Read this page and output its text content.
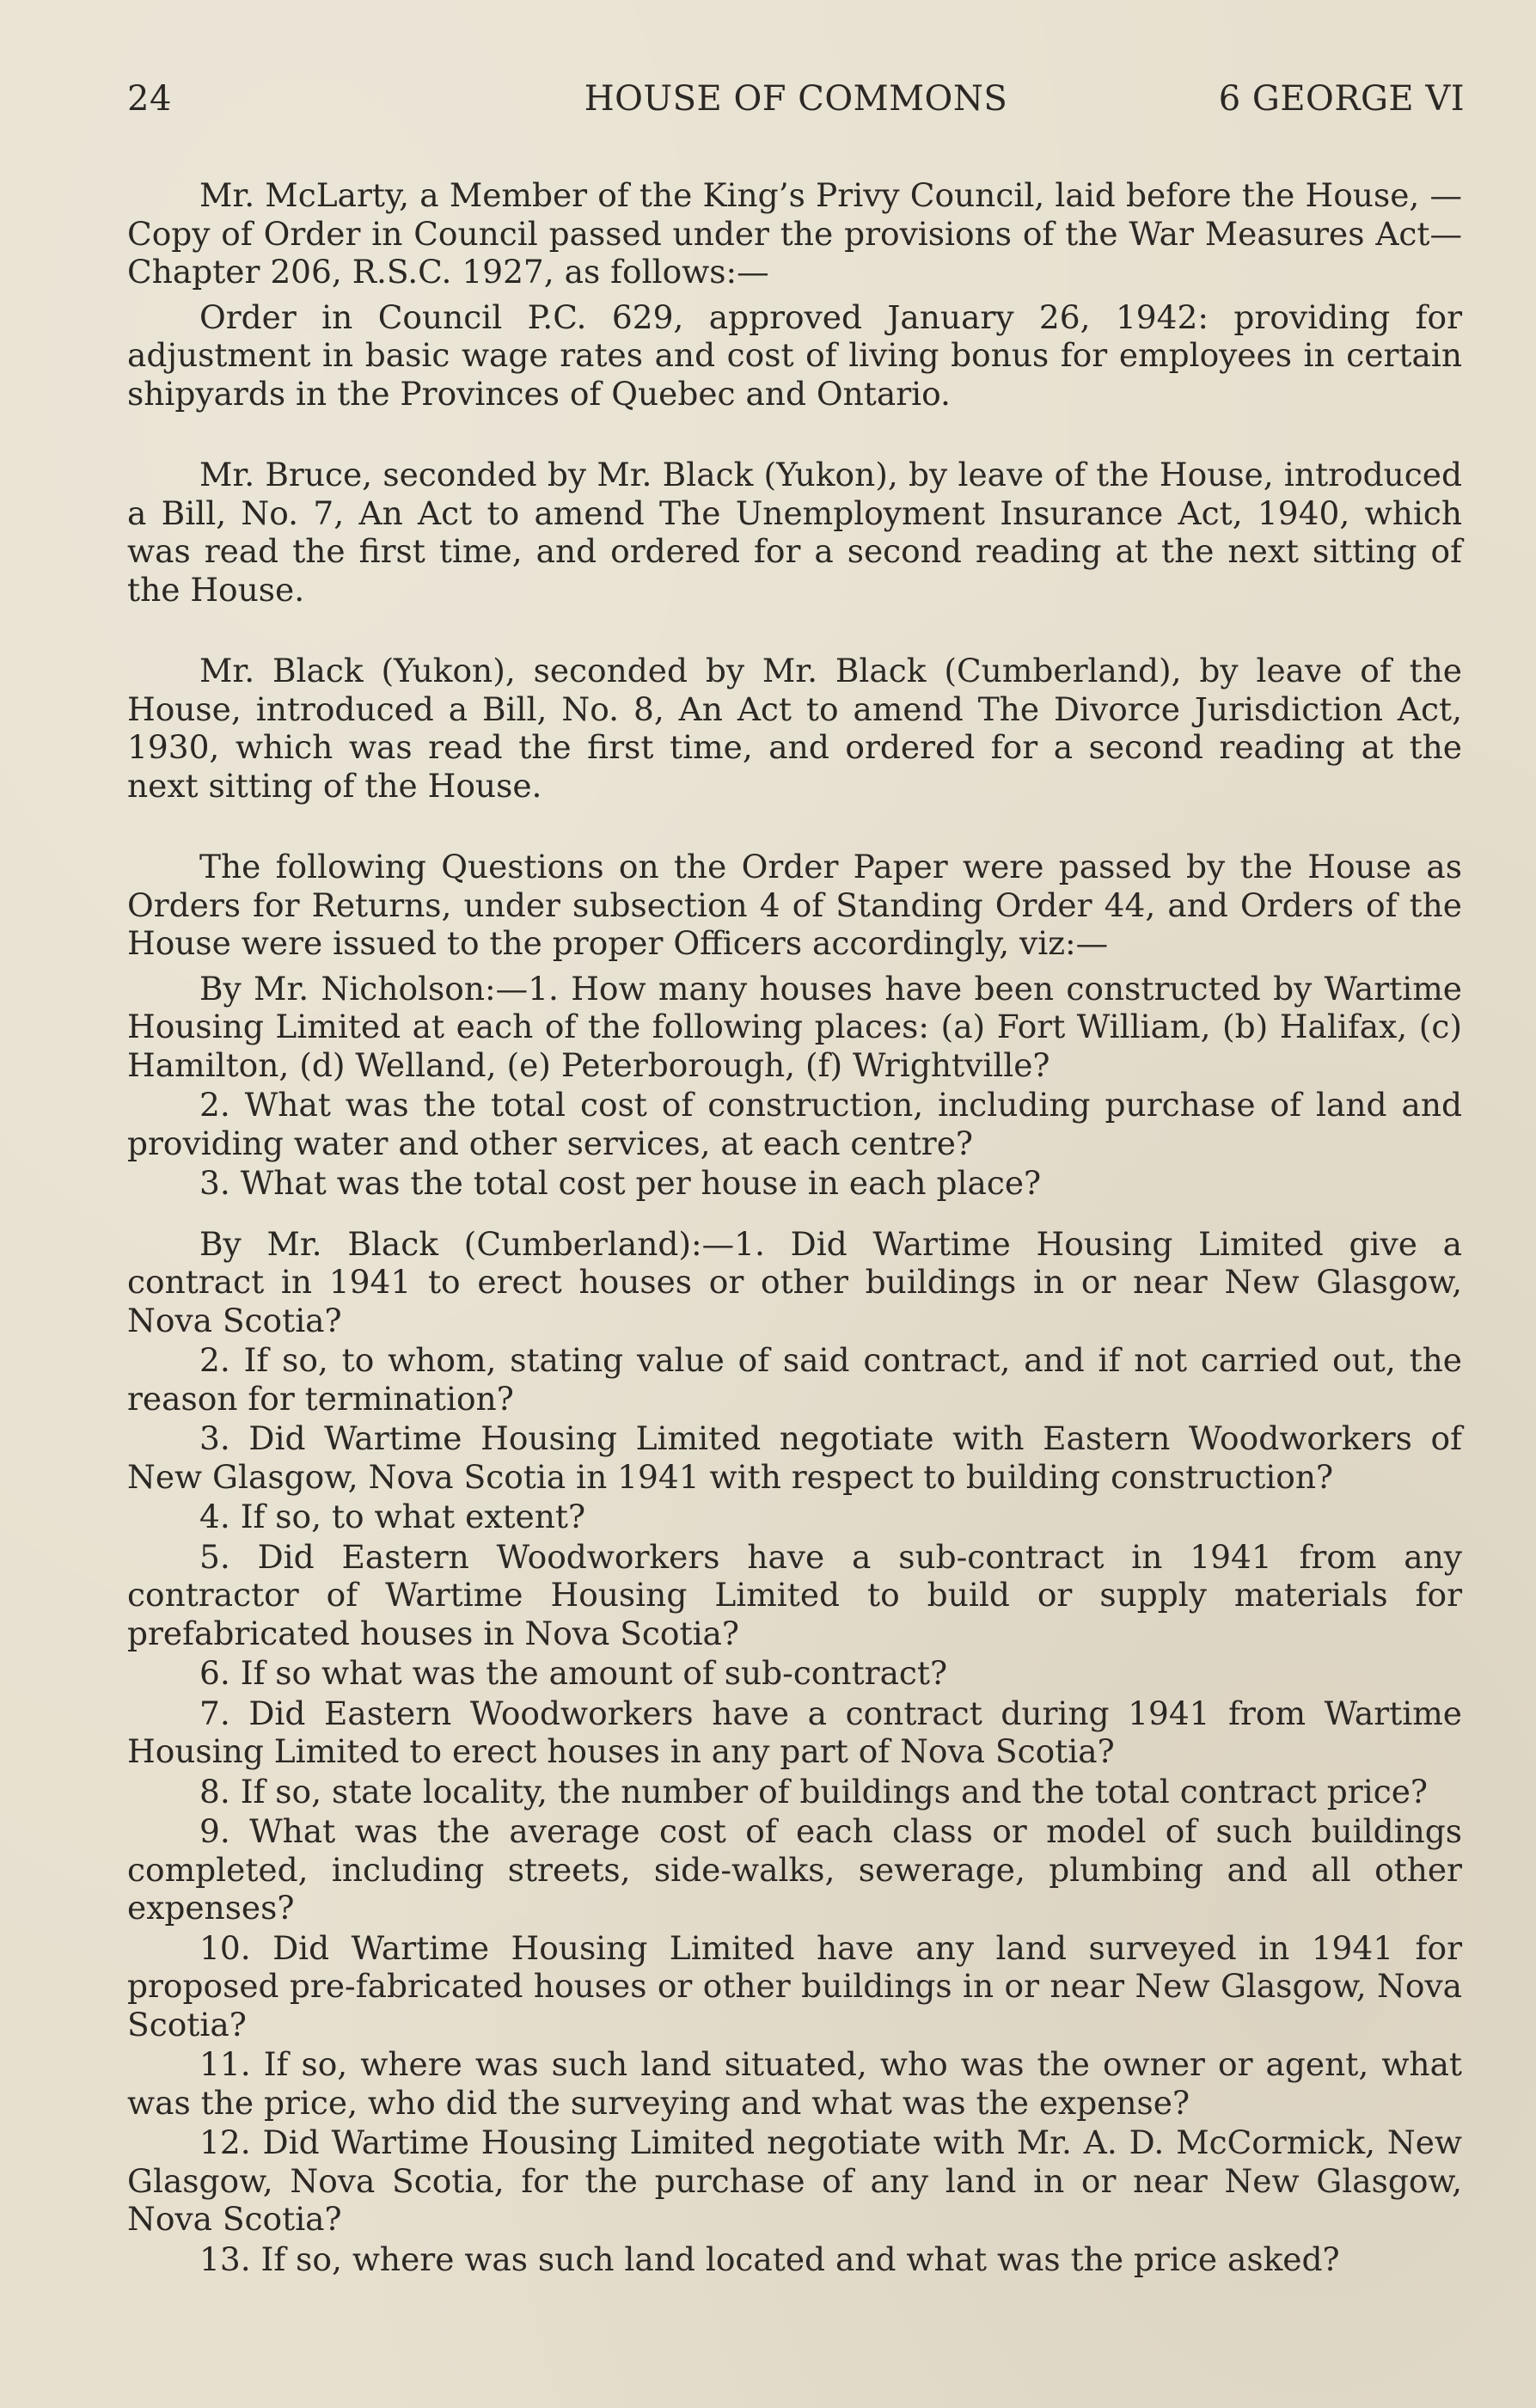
24	HOUSE OF COMMONS	6 GEORGE VI

Mr. McLarty, a Member of the King’s Privy Council, laid before the House, —Copy of Order in Council passed under the provisions of the War Measures Act—Chapter 206, R.S.C. 1927, as follows:—

Order in Council P.C. 629, approved January 26, 1942: providing for adjustment in basic wage rates and cost of living bonus for employees in certain shipyards in the Provinces of Quebec and Ontario.

Mr. Bruce, seconded by Mr. Black (Yukon), by leave of the House, introduced a Bill, No. 7, An Act to amend The Unemployment Insurance Act, 1940, which was read the first time, and ordered for a second reading at the next sitting of the House.

Mr. Black (Yukon), seconded by Mr. Black (Cumberland), by leave of the House, introduced a Bill, No. 8, An Act to amend The Divorce Jurisdiction Act, 1930, which was read the first time, and ordered for a second reading at the next sitting of the House.

The following Questions on the Order Paper were passed by the House as Orders for Returns, under subsection 4 of Standing Order 44, and Orders of the House were issued to the proper Officers accordingly, viz:—

By Mr. Nicholson:—1. How many houses have been constructed by Wartime Housing Limited at each of the following places: (a) Fort William, (b) Halifax, (c) Hamilton, (d) Welland, (e) Peterborough, (f) Wrightville?

2. What was the total cost of construction, including purchase of land and providing water and other services, at each centre?

3. What was the total cost per house in each place?

By Mr. Black (Cumberland):—1. Did Wartime Housing Limited give a contract in 1941 to erect houses or other buildings in or near New Glasgow, Nova Scotia?

2. If so, to whom, stating value of said contract, and if not carried out, the reason for termination?

3. Did Wartime Housing Limited negotiate with Eastern Woodworkers of New Glasgow, Nova Scotia in 1941 with respect to building construction?

4. If so, to what extent?

5. Did Eastern Woodworkers have a sub-contract in 1941 from any contractor of Wartime Housing Limited to build or supply materials for prefabricated houses in Nova Scotia?

6. If so what was the amount of sub-contract?

7. Did Eastern Woodworkers have a contract during 1941 from Wartime Housing Limited to erect houses in any part of Nova Scotia?

8. If so, state locality, the number of buildings and the total contract price?

9. What was the average cost of each class or model of such buildings completed, including streets, side-walks, sewerage, plumbing and all other expenses?

10. Did Wartime Housing Limited have any land surveyed in 1941 for proposed pre-fabricated houses or other buildings in or near New Glasgow, Nova Scotia?

11. If so, where was such land situated, who was the owner or agent, what was the price, who did the surveying and what was the expense?

12. Did Wartime Housing Limited negotiate with Mr. A. D. McCormick, New Glasgow, Nova Scotia, for the purchase of any land in or near New Glasgow, Nova Scotia?

13. If so, where was such land located and what was the price asked?
